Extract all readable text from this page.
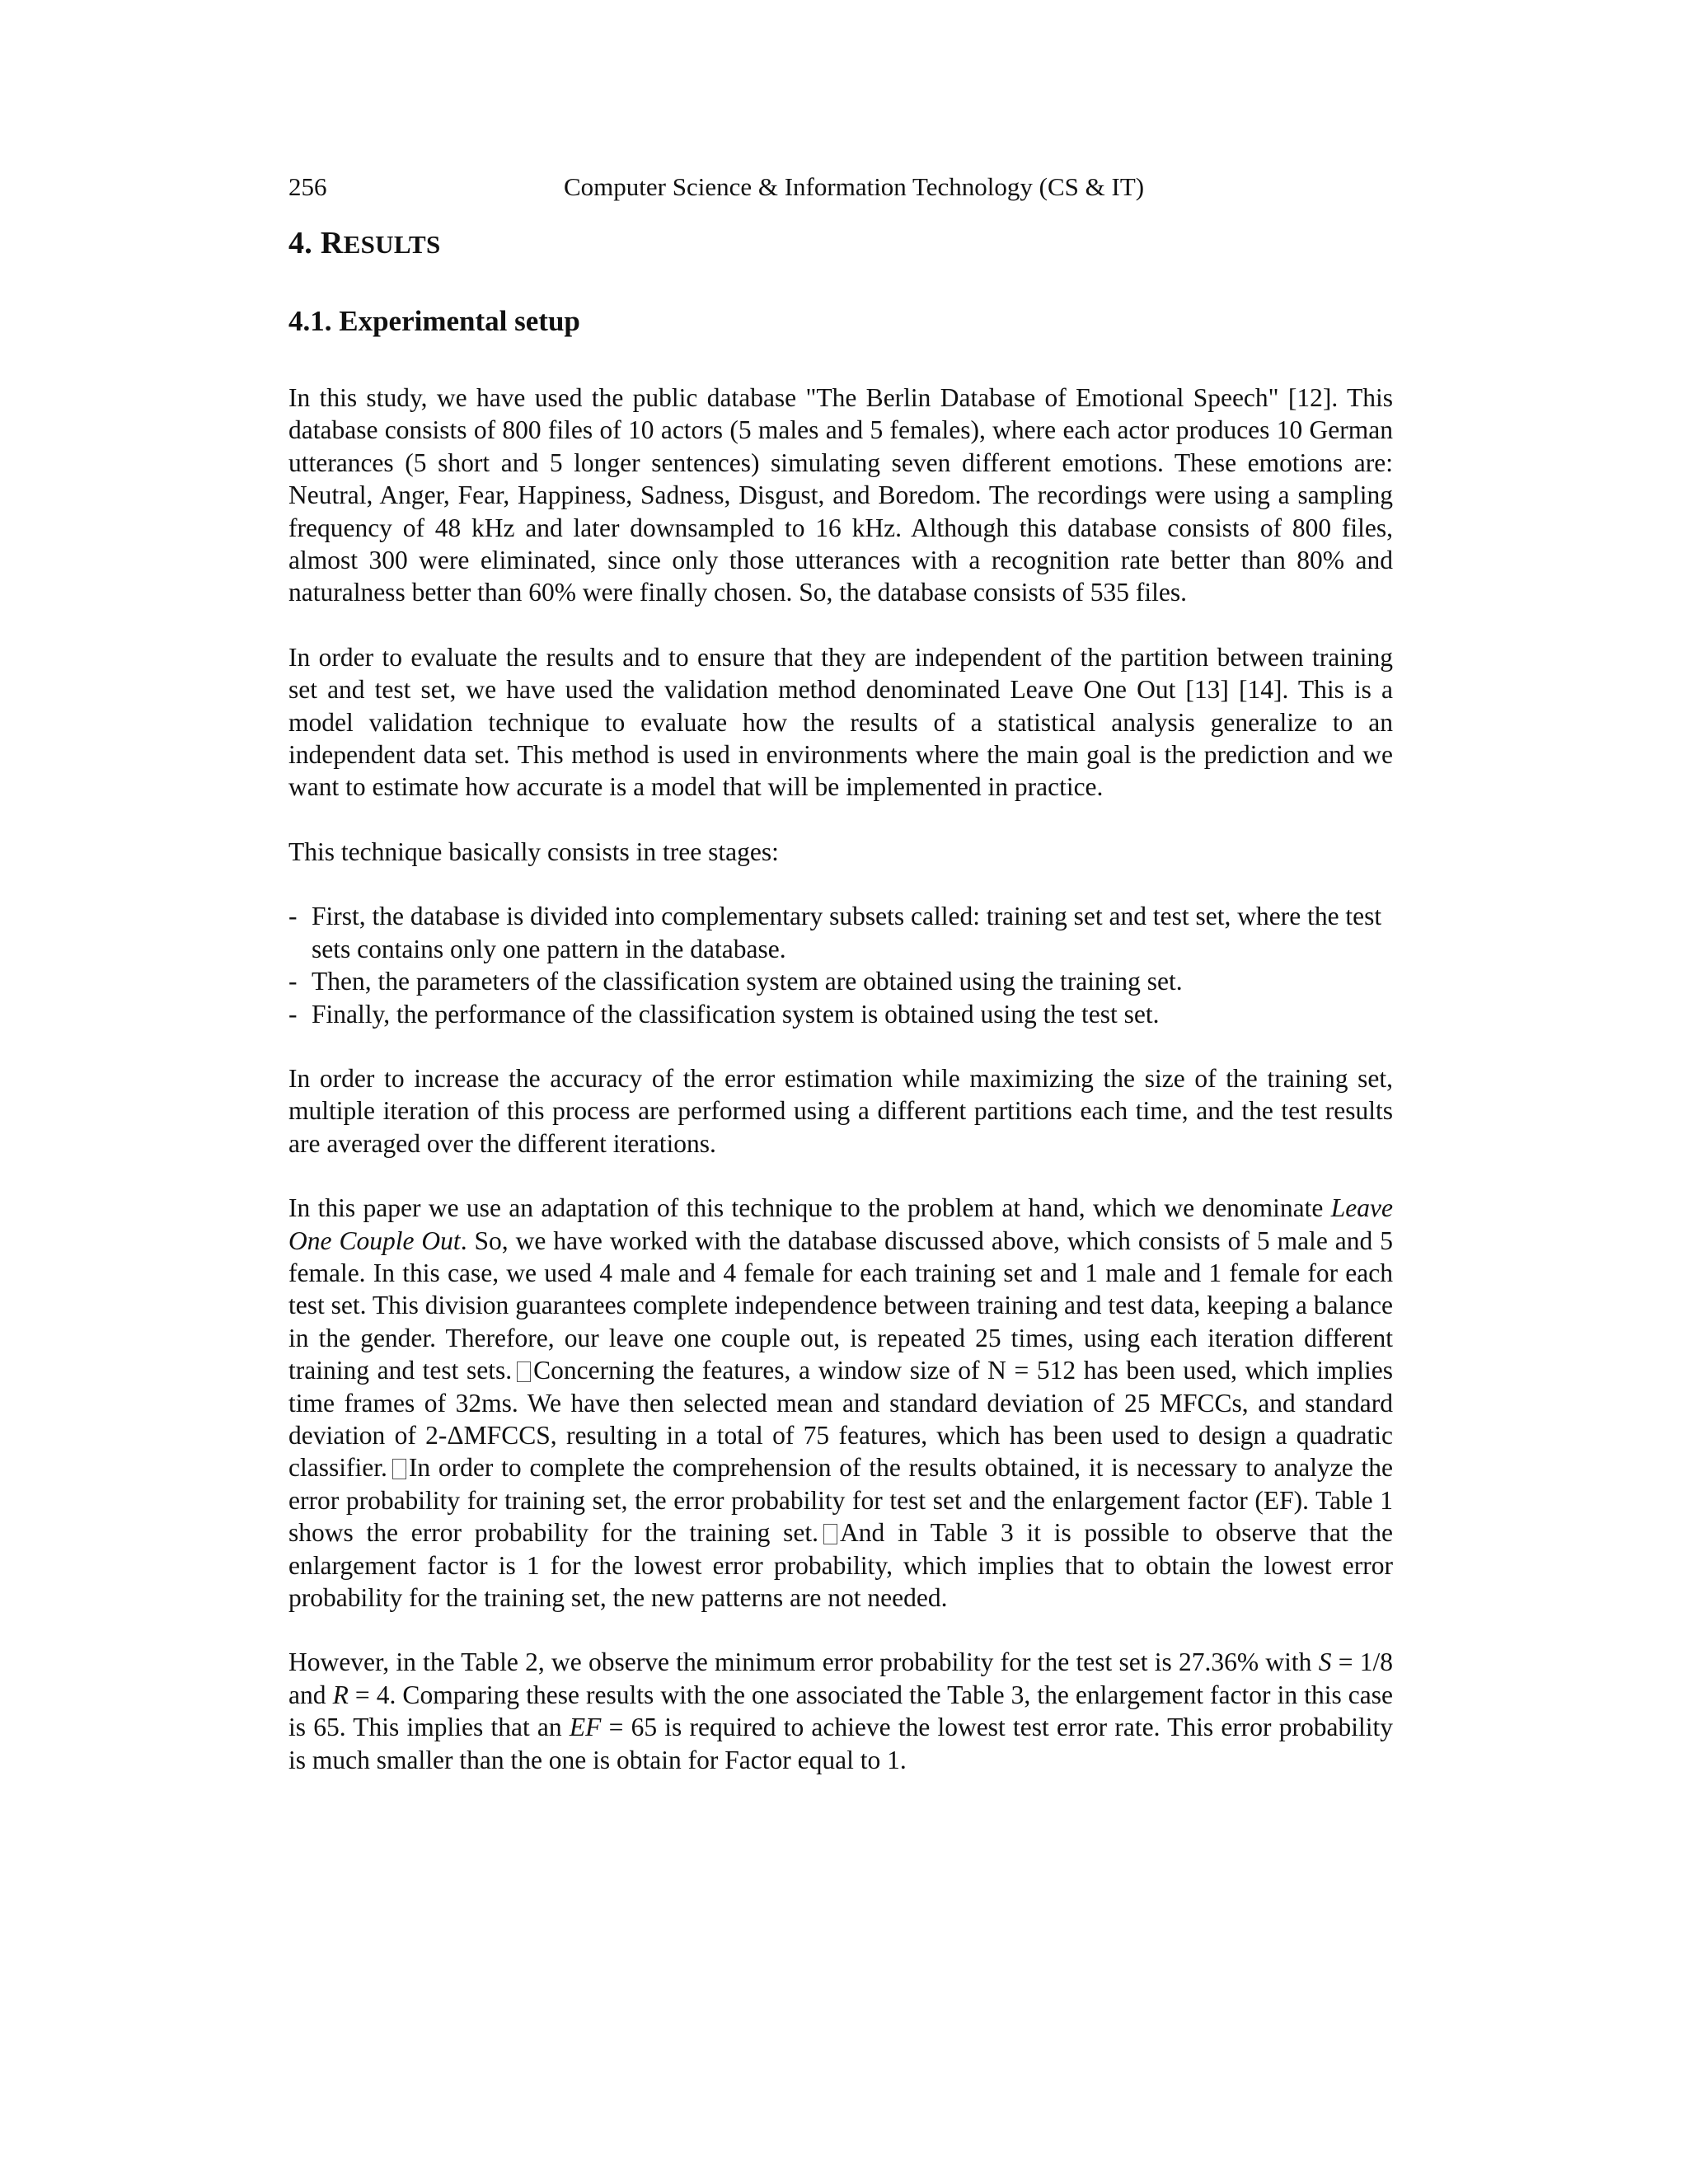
256	Computer Science & Information Technology (CS & IT)
4. RESULTS
4.1. Experimental setup

In this study, we have used the public database "The Berlin Database of Emotional Speech" [12]. This database consists of 800 files of 10 actors (5 males and 5 females), where each actor produces 10 German utterances (5 short and 5 longer sentences) simulating seven different emotions. These emotions are: Neutral, Anger, Fear, Happiness, Sadness, Disgust, and Boredom. The recordings were using a sampling frequency of 48 kHz and later downsampled to 16 kHz. Although this database consists of 800 files, almost 300 were eliminated, since only those utterances with a recognition rate better than 80% and naturalness better than 60% were finally chosen. So, the database consists of 535 files.

In order to evaluate the results and to ensure that they are independent of the partition between training set and test set, we have used the validation method denominated Leave One Out [13] [14]. This is a model validation technique to evaluate how the results of a statistical analysis generalize to an independent data set. This method is used in environments where the main goal is the prediction and we want to estimate how accurate is a model that will be implemented in practice.

This technique basically consists in tree stages:

- First, the database is divided into complementary subsets called: training set and test set, where the test sets contains only one pattern in the database.
- Then, the parameters of the classification system are obtained using the training set.
- Finally, the performance of the classification system is obtained using the test set.

In order to increase the accuracy of the error estimation while maximizing the size of the training set, multiple iteration of this process are performed using a different partitions each time, and the test results are averaged over the different iterations.

In this paper we use an adaptation of this technique to the problem at hand, which we denominate Leave One Couple Out. So, we have worked with the database discussed above, which consists of 5 male and 5 female. In this case, we used 4 male and 4 female for each training set and 1 male and 1 female for each test set. This division guarantees complete independence between training and test data, keeping a balance in the gender. Therefore, our leave one couple out, is repeated 25 times, using each iteration different training and test sets. Concerning the features, a window size of N = 512 has been used, which implies time frames of 32ms. We have then selected mean and standard deviation of 25 MFCCs, and standard deviation of 2-ΔMFCCS, resulting in a total of 75 features, which has been used to design a quadratic classifier. In order to complete the comprehension of the results obtained, it is necessary to analyze the error probability for training set, the error probability for test set and the enlargement factor (EF). Table 1 shows the error probability for the training set. And in Table 3 it is possible to observe that the enlargement factor is 1 for the lowest error probability, which implies that to obtain the lowest error probability for the training set, the new patterns are not needed.

However, in the Table 2, we observe the minimum error probability for the test set is 27.36% with S = 1/8 and R = 4. Comparing these results with the one associated the Table 3, the enlargement factor in this case is 65. This implies that an EF = 65 is required to achieve the lowest test error rate. This error probability is much smaller than the one is obtain for Factor equal to 1.
